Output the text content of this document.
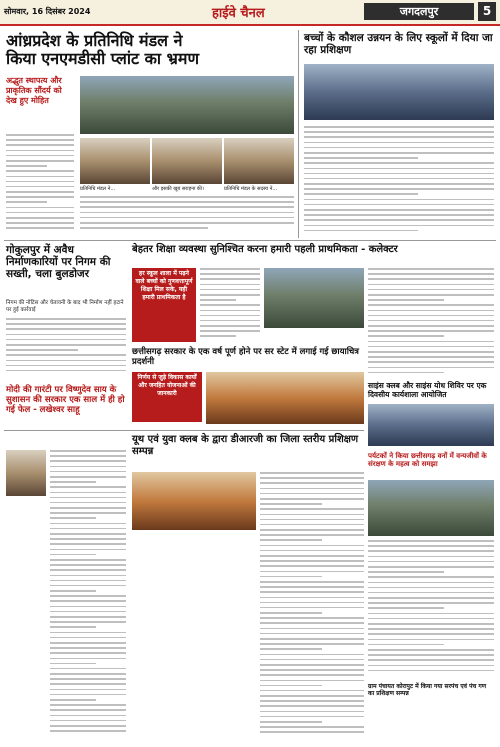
सोमवार, 16 दिसंबर 2024	हाईवे चैनल	जगदलपुर	5
आंध्रप्रदेश के प्रतिनिधि मंडल ने
किया एनएमडीसी प्लांट का भ्रमण
अद्भुत स्थापत्य और प्राकृतिक सौंदर्य को देख हुए मोहित
प्रतिनिधि मंडल ने...	और इसकी खूब सराहना की।	प्रतिनिधि मंडल के सदस्य ने...
बच्चों के कौशल उन्नयन के लिए स्कूलों में दिया जा रहा प्रशिक्षण
गोकुलपुर में अवैध निर्माणकारियों पर निगम की सख्ती, चला बुलडोजर
निगम की नोटिस और चेतावनी के बाद भी निर्माण नहीं हटाने पर हुई कार्रवाई
बेहतर शिक्षा व्यवस्था सुनिश्चित करना हमारी पहली प्राथमिकता - कलेक्टर
हर स्कूल शाला में पढ़ने वाले बच्चों को गुणवत्तापूर्ण शिक्षा मिल सके, यही हमारी प्राथमिकता है
छत्तीसगढ़ सरकार के एक वर्ष पूर्ण होने पर सर स्टेट में लगाई गई छायाचित्र प्रदर्शनी
निर्णय से जुड़े विकास कार्यों और जनहित योजनाओं की जानकारी
साइंस क्लब और साइंस योध शिविर पर एक दिवसीय कार्यशाला आयोजित
मोदी की गारंटी पर विष्णुदेव साय के सुशासन की सरकार एक साल में ही हो गई फेल - लखेश्वर साहू
यूथ एवं युवा क्लब के द्वारा डीआरजी का जिला स्तरीय प्रशिक्षण सम्पन्न	पर्यटकों ने किया छत्तीसगढ़ वनों में वन्यजीवों के संरक्षण के महत्व को समझा
ग्राम पंचायत कोरापुट में किया गया सरपंच एवं पंच गण का प्रशिक्षण सम्पन्न
